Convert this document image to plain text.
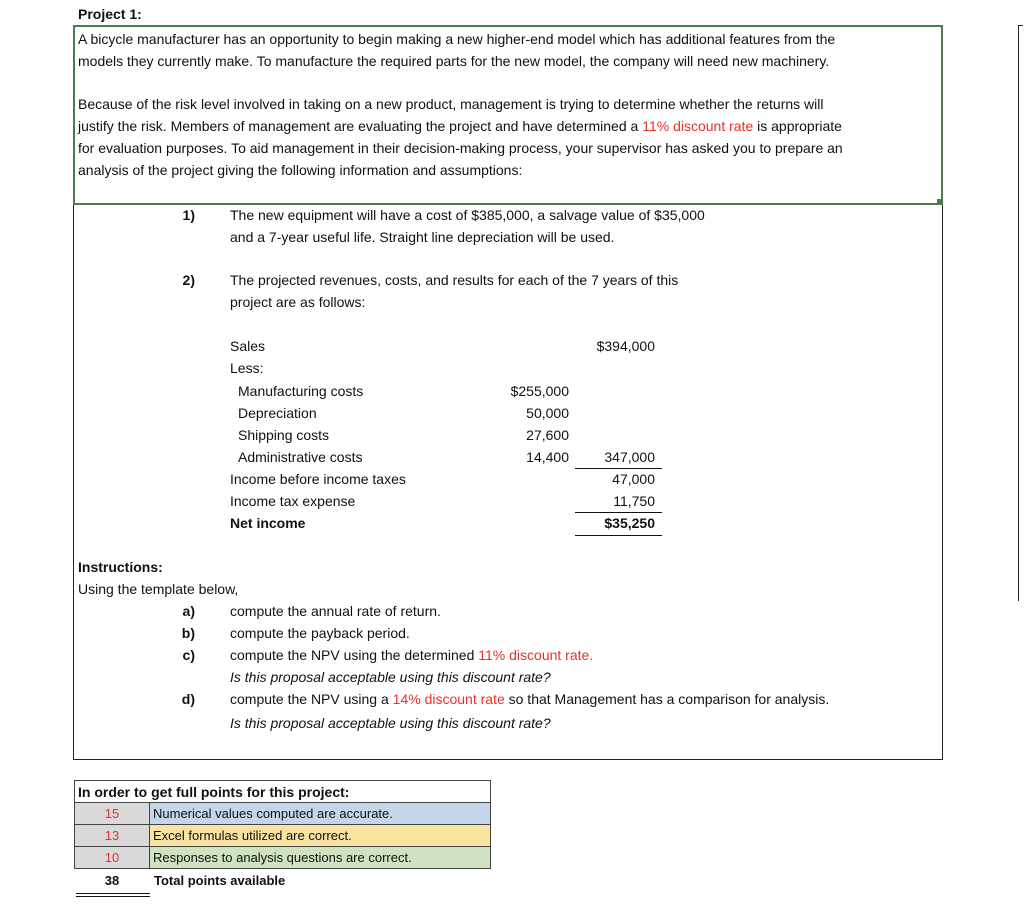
Project 1:
A bicycle manufacturer has an opportunity to begin making a new higher-end model which has additional features from the
models they currently make. To manufacture the required parts for the new model, the company will need new machinery.
Because of the risk level involved in taking on a new product, management is trying to determine whether the returns will
justify the risk. Members of management are evaluating the project and have determined a 11% discount rate is appropriate
for evaluation purposes. To aid management in their decision-making process, your supervisor has asked you to prepare an
analysis of the project giving the following information and assumptions:
1)	The new equipment will have a cost of $385,000, a salvage value of $35,000
and a 7-year useful life. Straight line depreciation will be used.
2)	The projected revenues, costs, and results for each of the 7 years of this
project are as follows:
Sales	$394,000
Less:
Manufacturing costs	$255,000
Depreciation	50,000
Shipping costs	27,600
Administrative costs	14,400	347,000
Income before income taxes	47,000
Income tax expense	11,750
Net income	$35,250
Instructions:
Using the template below,
a)	compute the annual rate of return.
b)	compute the payback period.
c)	compute the NPV using the determined 11% discount rate.
Is this proposal acceptable using this discount rate?
d)	compute the NPV using a 14% discount rate so that Management has a comparison for analysis.
Is this proposal acceptable using this discount rate?
In order to get full points for this project:	
15	Numerical values computed are accurate.
13	Excel formulas utilized are correct.
10	Responses to analysis questions are correct.
38	Total points available
